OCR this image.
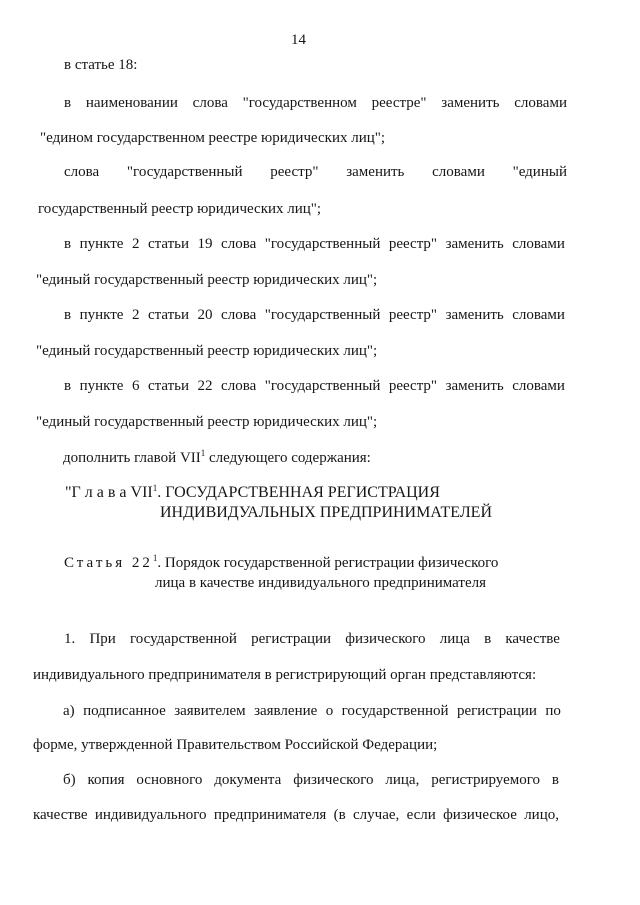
14
в статье 18:
в наименовании слова "государственном реестре" заменить словами
"едином государственном реестре юридических лиц";
слова "государственный реестр" заменить словами "единый
государственный реестр юридических лиц";
в пункте 2 статьи 19 слова "государственный реестр" заменить словами
"единый государственный реестр юридических лиц";
в пункте 2 статьи 20 слова "государственный реестр" заменить словами
"единый государственный реестр юридических лиц";
в пункте 6 статьи 22 слова "государственный реестр" заменить словами
"единый государственный реестр юридических лиц";
дополнить главой VII$^1$ следующего содержания:
"Г л а в а VII$^1$. ГОСУДАРСТВЕННАЯ РЕГИСТРАЦИЯ
ИНДИВИДУАЛЬНЫХ ПРЕДПРИНИМАТЕЛЕЙ
Статья $22^1$. Порядок государственной регистрации физического
лица в качестве индивидуального предпринимателя
1. При государственной регистрации физического лица в качестве
индивидуального предпринимателя в регистрирующий орган представляются:
а) подписанное заявителем заявление о государственной регистрации по
форме, утвержденной Правительством Российской Федерации;
б) копия основного документа физического лица, регистрируемого в
качестве индивидуального предпринимателя (в случае, если физическое лицо,
